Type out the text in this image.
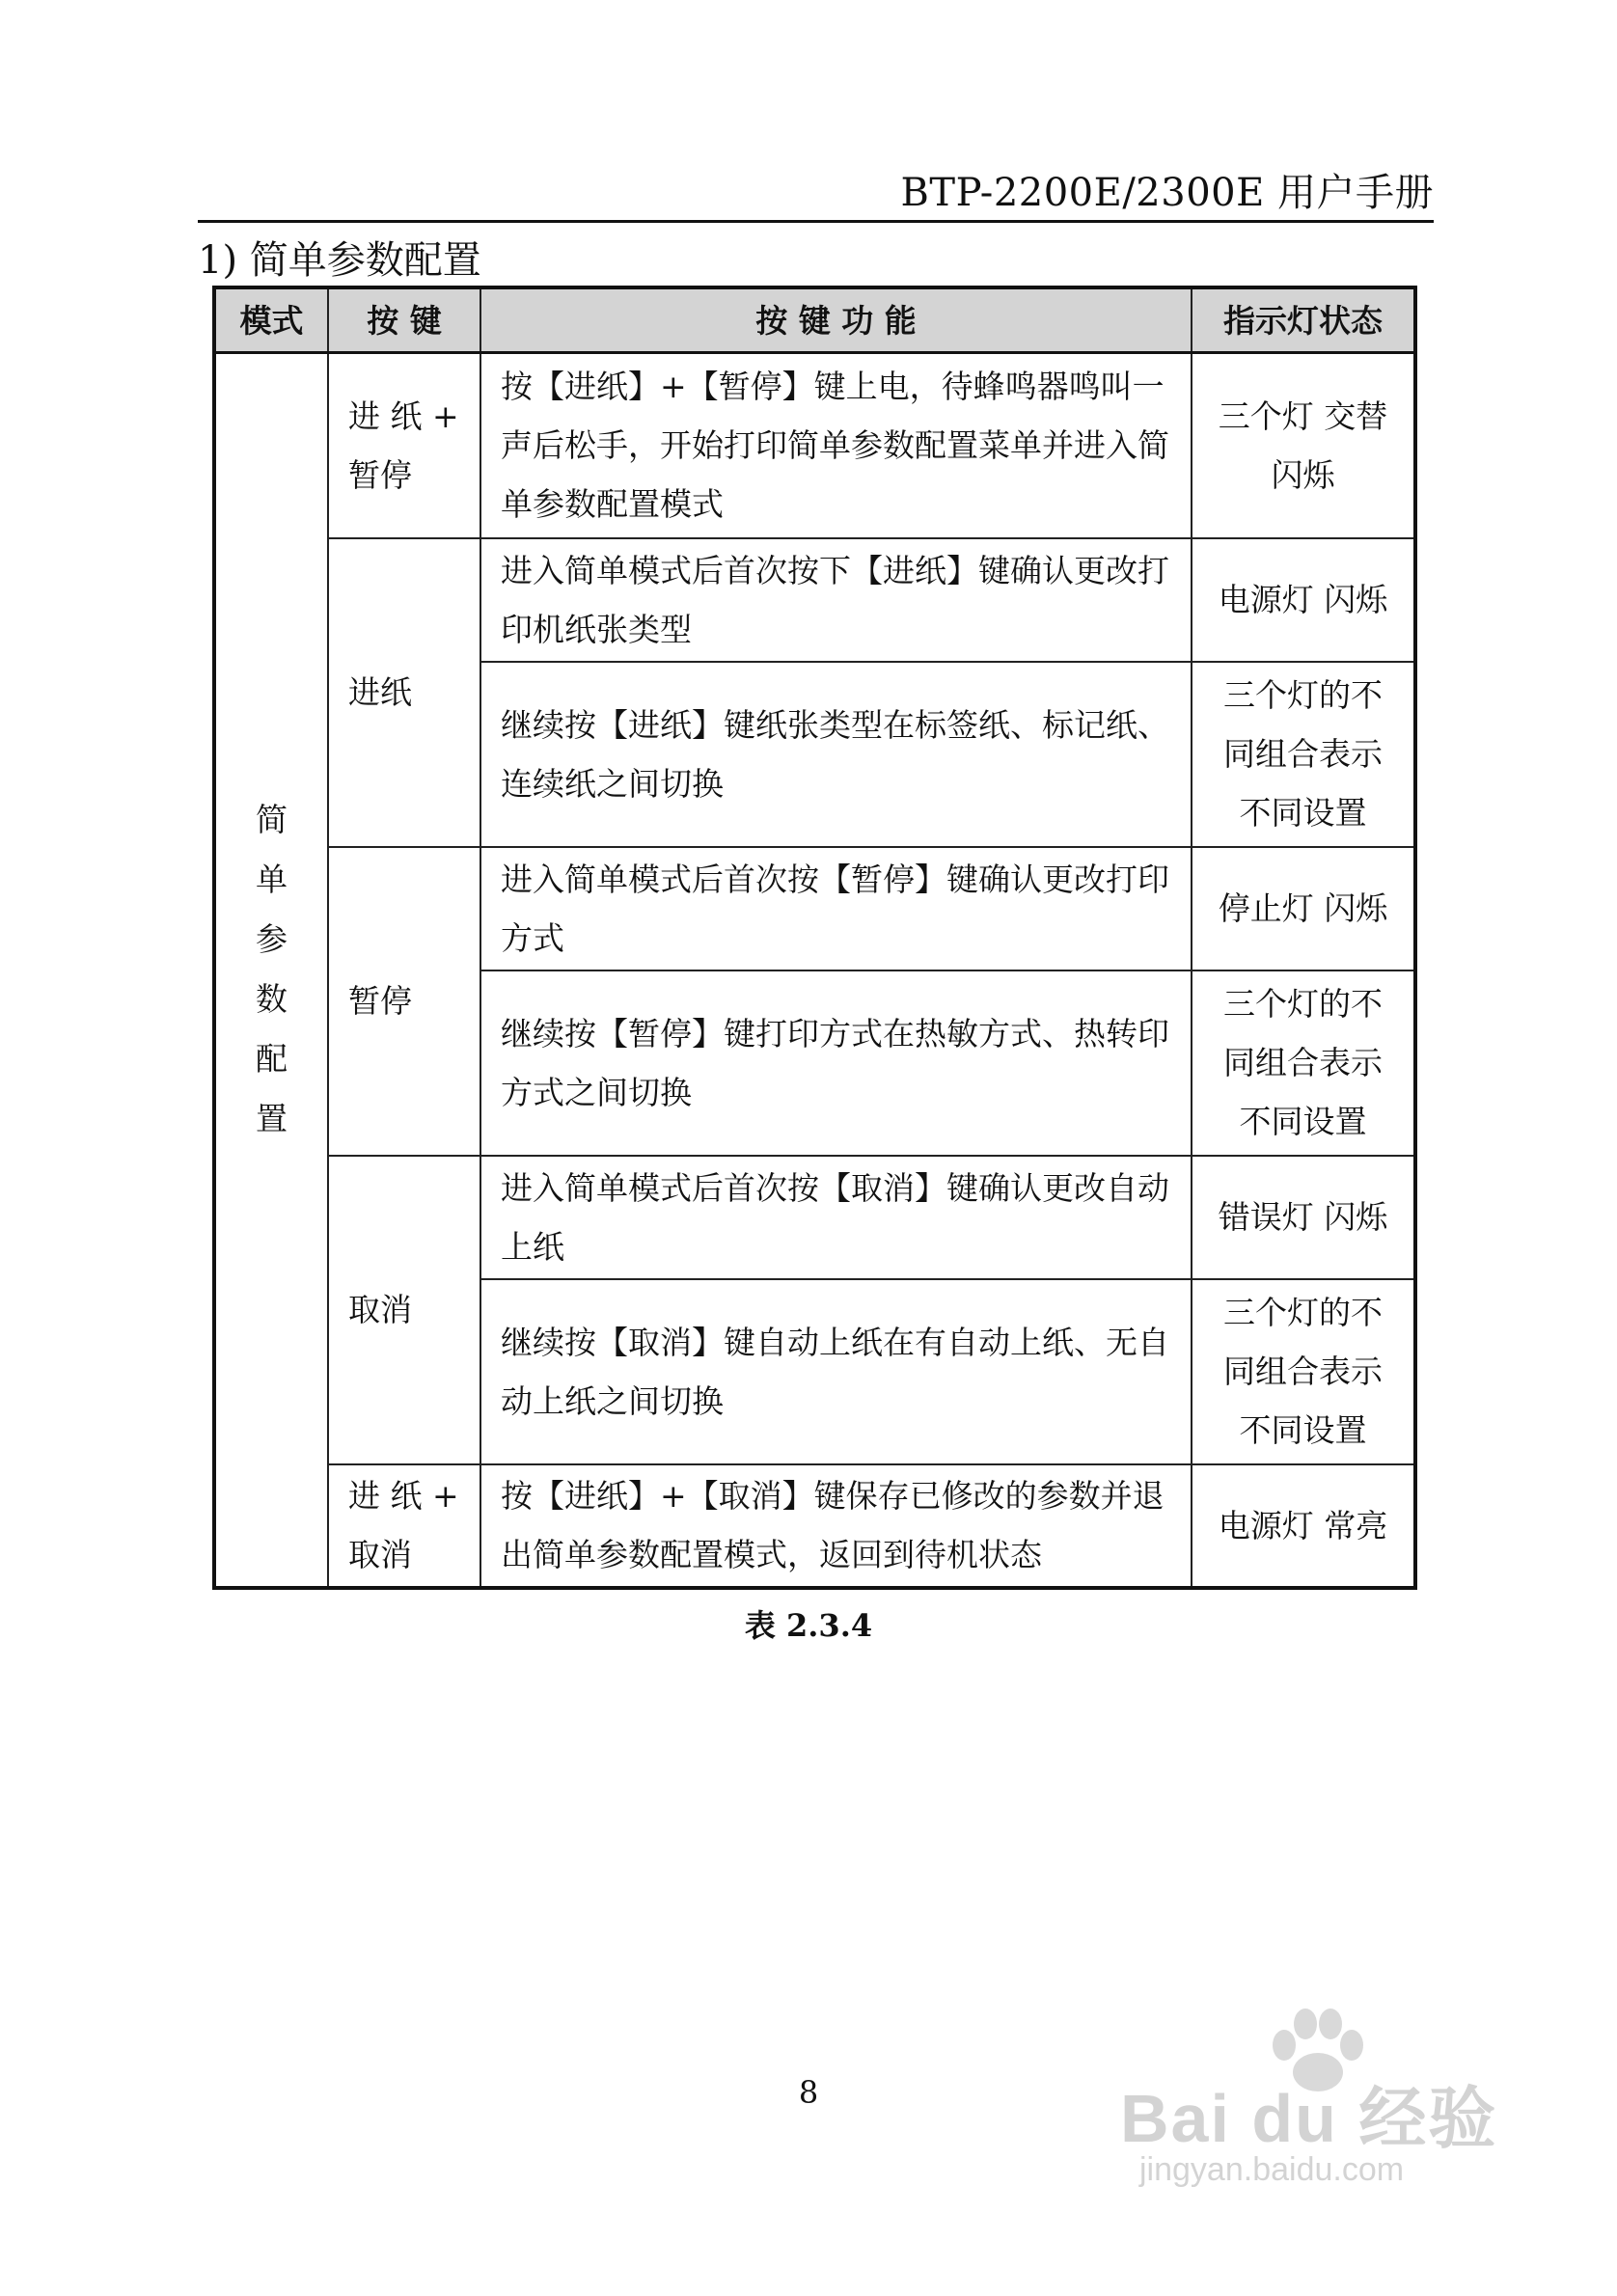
BTP-2200E/2300E 用户手册
1) 简单参数配置
模式	按 键	按 键 功 能	指示灯状态
简单参数配置	进 纸 + 暂停	按【进纸】+【暂停】键上电，待蜂鸣器鸣叫一声后松手，开始打印简单参数配置菜单并进入简单参数配置模式	三个灯 交替闪烁
	进纸	进入简单模式后首次按下【进纸】键确认更改打印机纸张类型	电源灯 闪烁
		继续按【进纸】键纸张类型在标签纸、标记纸、连续纸之间切换	三个灯的不同组合表示不同设置
	暂停	进入简单模式后首次按【暂停】键确认更改打印方式	停止灯 闪烁
		继续按【暂停】键打印方式在热敏方式、热转印方式之间切换	三个灯的不同组合表示不同设置
	取消	进入简单模式后首次按【取消】键确认更改自动上纸	错误灯 闪烁
		继续按【取消】键自动上纸在有自动上纸、无自动上纸之间切换	三个灯的不同组合表示不同设置
	进 纸 + 取消	按【进纸】+【取消】键保存已修改的参数并退出简单参数配置模式，返回到待机状态	电源灯 常亮
表 2.3.4
8	Bai du 经验
jingyan.baidu.com
